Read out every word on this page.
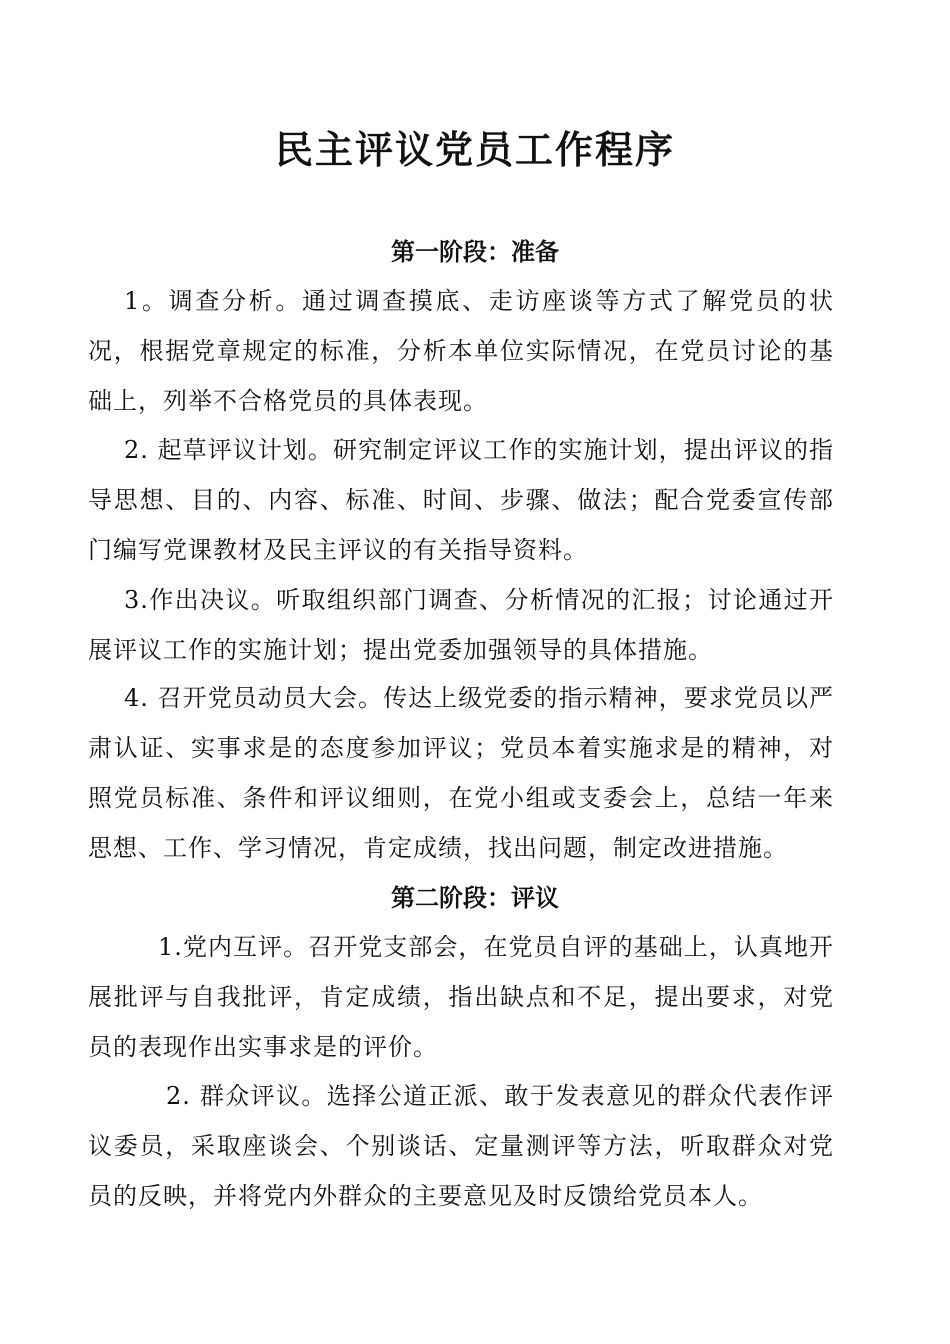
民主评议党员工作程序
第一阶段：准备

1。调查分析。通过调查摸底、走访座谈等方式了解党员的状况，根据党章规定的标准，分析本单位实际情况，在党员讨论的基础上，列举不合格党员的具体表现。

2. 起草评议计划。研究制定评议工作的实施计划，提出评议的指导思想、目的、内容、标准、时间、步骤、做法；配合党委宣传部门编写党课教材及民主评议的有关指导资料。

3.作出决议。听取组织部门调查、分析情况的汇报；讨论通过开展评议工作的实施计划；提出党委加强领导的具体措施。

4. 召开党员动员大会。传达上级党委的指示精神，要求党员以严肃认证、实事求是的态度参加评议；党员本着实施求是的精神，对照党员标准、条件和评议细则，在党小组或支委会上，总结一年来思想、工作、学习情况，肯定成绩，找出问题，制定改进措施。

第二阶段：评议

1.党内互评。召开党支部会，在党员自评的基础上，认真地开展批评与自我批评，肯定成绩，指出缺点和不足，提出要求，对党员的表现作出实事求是的评价。

2. 群众评议。选择公道正派、敢于发表意见的群众代表作评议委员，采取座谈会、个别谈话、定量测评等方法，听取群众对党员的反映，并将党内外群众的主要意见及时反馈给党员本人。
